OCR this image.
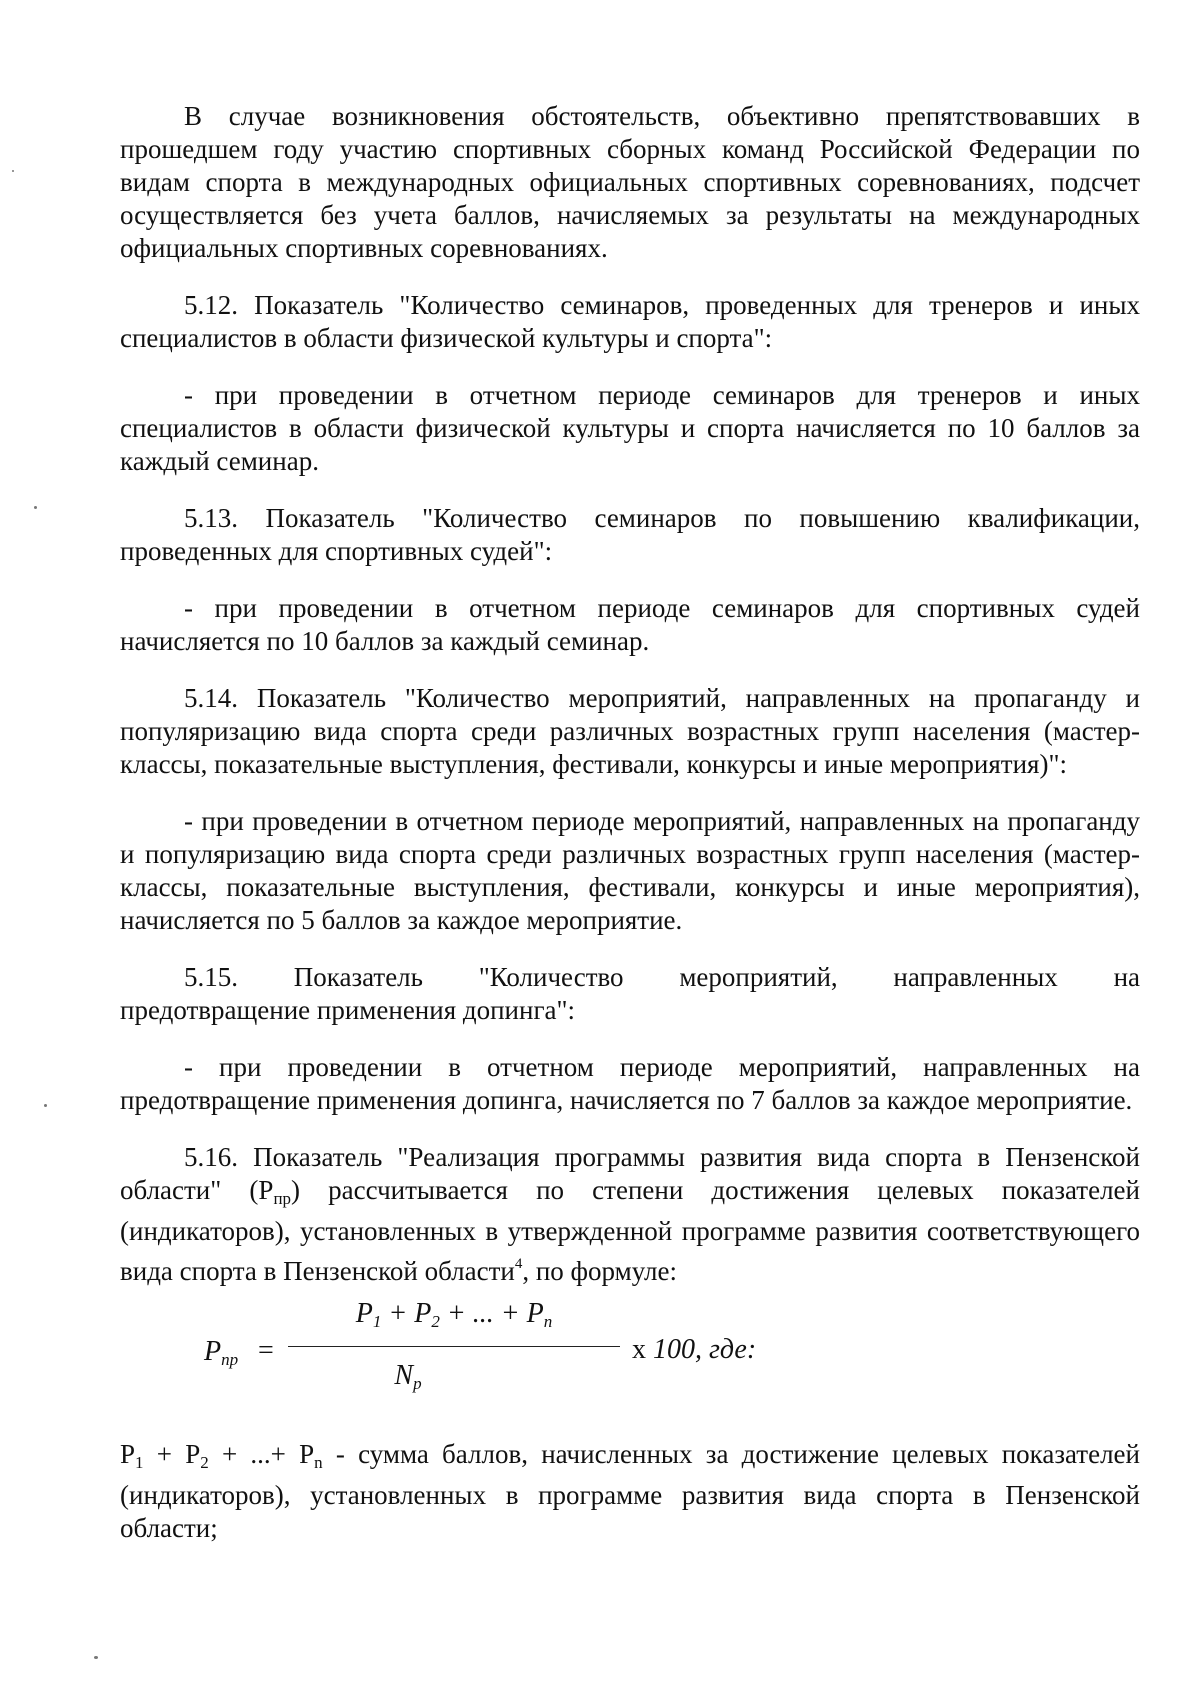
В случае возникновения обстоятельств, объективно препятствовавших в прошедшем году участию спортивных сборных команд Российской Федерации по видам спорта в международных официальных спортивных соревнованиях, подсчет осуществляется без учета баллов, начисляемых за результаты на международных официальных спортивных соревнованиях.

5.12. Показатель "Количество семинаров, проведенных для тренеров и иных специалистов в области физической культуры и спорта":

- при проведении в отчетном периоде семинаров для тренеров и иных специалистов в области физической культуры и спорта начисляется по 10 баллов за каждый семинар.

5.13. Показатель "Количество семинаров по повышению квалификации, проведенных для спортивных судей":

- при проведении в отчетном периоде семинаров для спортивных судей начисляется по 10 баллов за каждый семинар.

5.14. Показатель "Количество мероприятий, направленных на пропаганду и популяризацию вида спорта среди различных возрастных групп населения (мастер-классы, показательные выступления, фестивали, конкурсы и иные мероприятия)":

- при проведении в отчетном периоде мероприятий, направленных на пропаганду и популяризацию вида спорта среди различных возрастных групп населения (мастер-классы, показательные выступления, фестивали, конкурсы и иные мероприятия), начисляется по 5 баллов за каждое мероприятие.

5.15. Показатель "Количество мероприятий, направленных на

предотвращение применения допинга":

- при проведении в отчетном периоде мероприятий, направленных на предотвращение применения допинга, начисляется по 7 баллов за каждое мероприятие.

5.16. Показатель "Реализация программы развития вида спорта в Пензенской области" $(Р_{пр})$ рассчитывается по степени достижения целевых показателей (индикаторов), установленных в утвержденной программе развития соответствующего вида спорта в Пензенской области$^4$, по формуле:

$P_{пр}$ =
$P_1 + P_2$ + ... + $P_n$
$N_p$
х 100, где:

$Р_1 + Р_2$ + ...+ $Р_n$ - сумма баллов, начисленных за достижение целевых показателей (индикаторов), установленных в программе развития вида спорта в Пензенской области;
